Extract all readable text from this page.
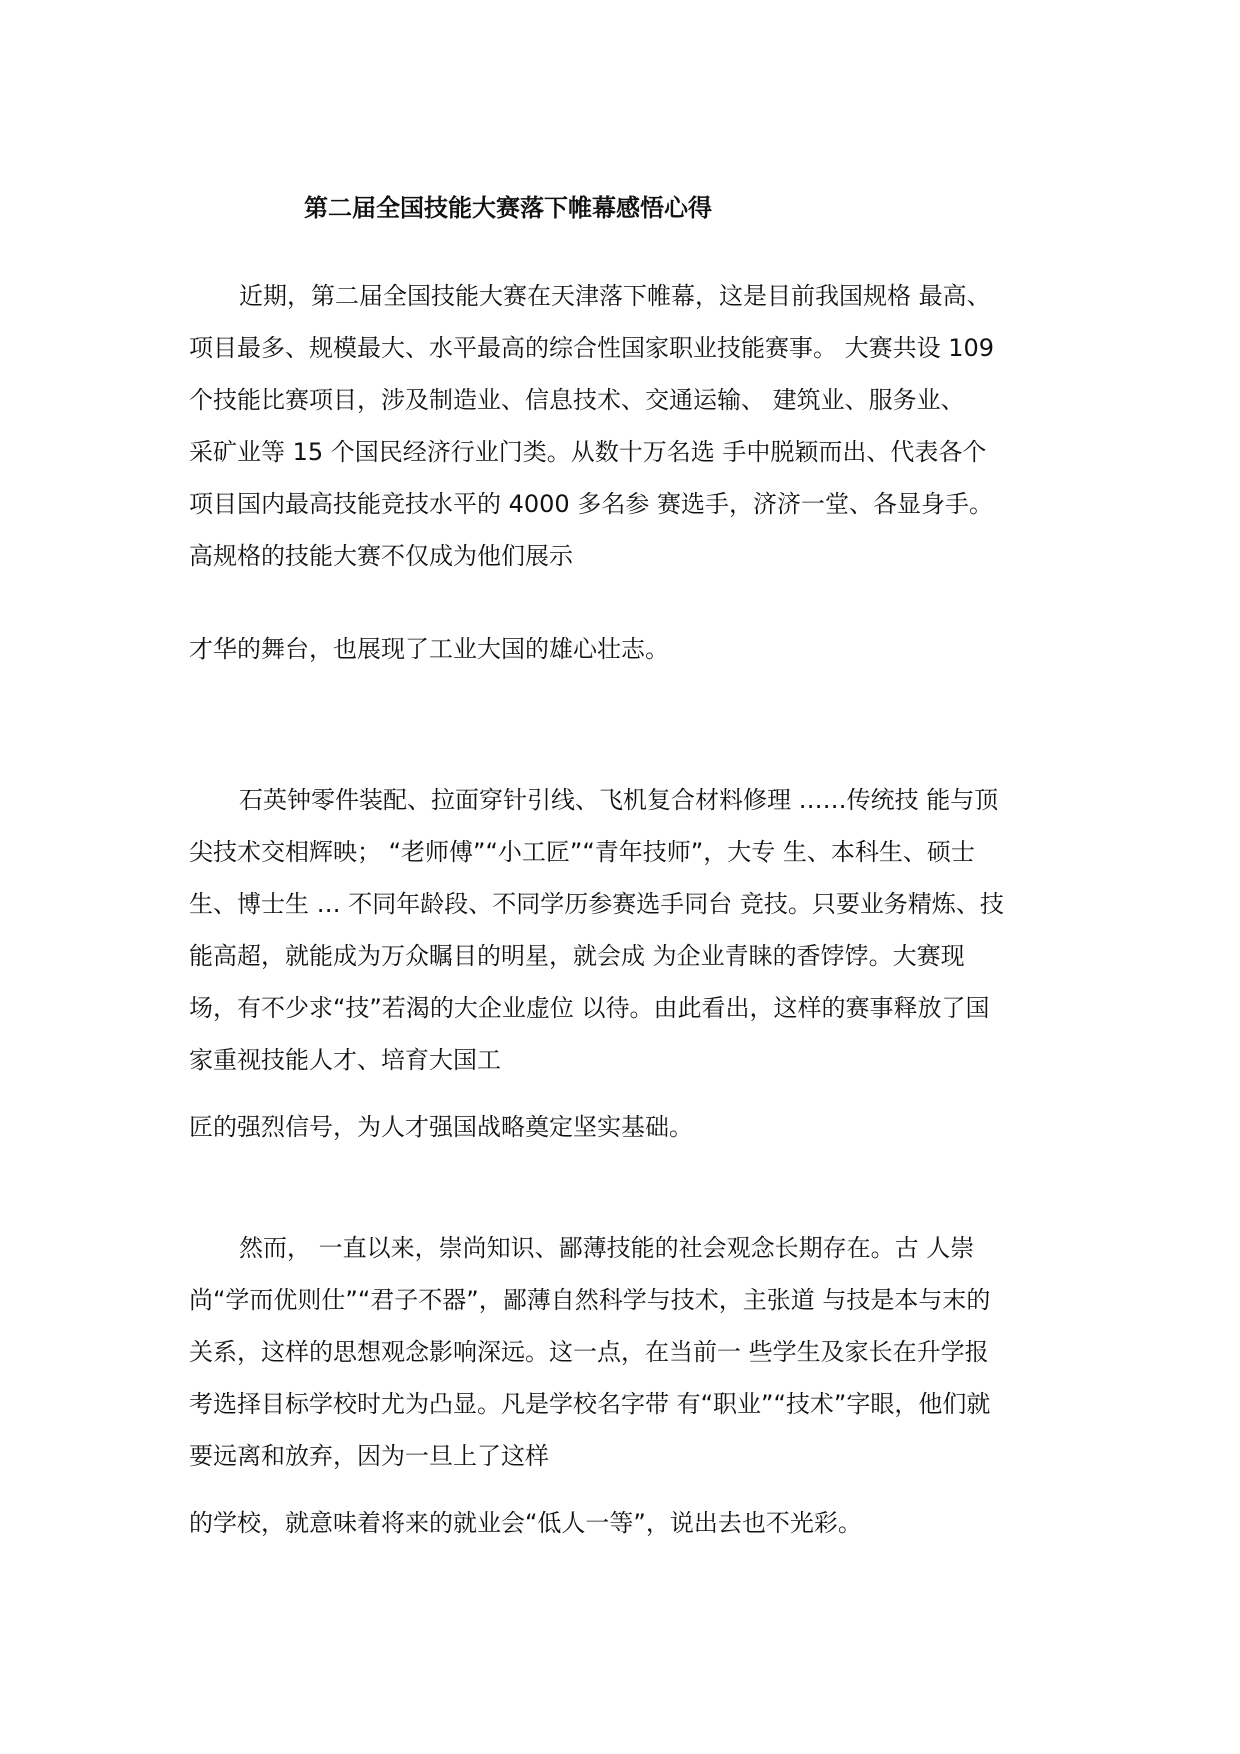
第二届全国技能大赛落下帷幕感悟心得
近期，第二届全国技能大赛在天津落下帷幕，这是目前我国规格 最高、
项目最多、规模最大、水平最高的综合性国家职业技能赛事。 大赛共设 109
个技能比赛项目，涉及制造业、信息技术、交通运输、 建筑业、服务业、
采矿业等 15 个国民经济行业门类。从数十万名选 手中脱颖而出、代表各个
项目国内最高技能竞技水平的 4000 多名参 赛选手，济济一堂、各显身手。
高规格的技能大赛不仅成为他们展示
才华的舞台，也展现了工业大国的雄心壮志。
石英钟零件装配、拉面穿针引线、飞机复合材料修理 ……传统技 能与顶
尖技术交相辉映； “老师傅”“小工匠”“青年技师”，大专 生、本科生、硕士
生、博士生 … 不同年龄段、不同学历参赛选手同台 竞技。只要业务精炼、技
能高超，就能成为万众瞩目的明星，就会成 为企业青睐的香饽饽。大赛现
场，有不少求“技”若渴的大企业虚位 以待。由此看出，这样的赛事释放了国
家重视技能人才、培育大国工
匠的强烈信号，为人才强国战略奠定坚实基础。
然而， 一直以来，崇尚知识、鄙薄技能的社会观念长期存在。古 人崇
尚“学而优则仕”“君子不器”，鄙薄自然科学与技术，主张道 与技是本与末的
关系，这样的思想观念影响深远。这一点，在当前一 些学生及家长在升学报
考选择目标学校时尤为凸显。凡是学校名字带 有“职业”“技术”字眼，他们就
要远离和放弃，因为一旦上了这样
的学校，就意味着将来的就业会“低人一等”，说出去也不光彩。
